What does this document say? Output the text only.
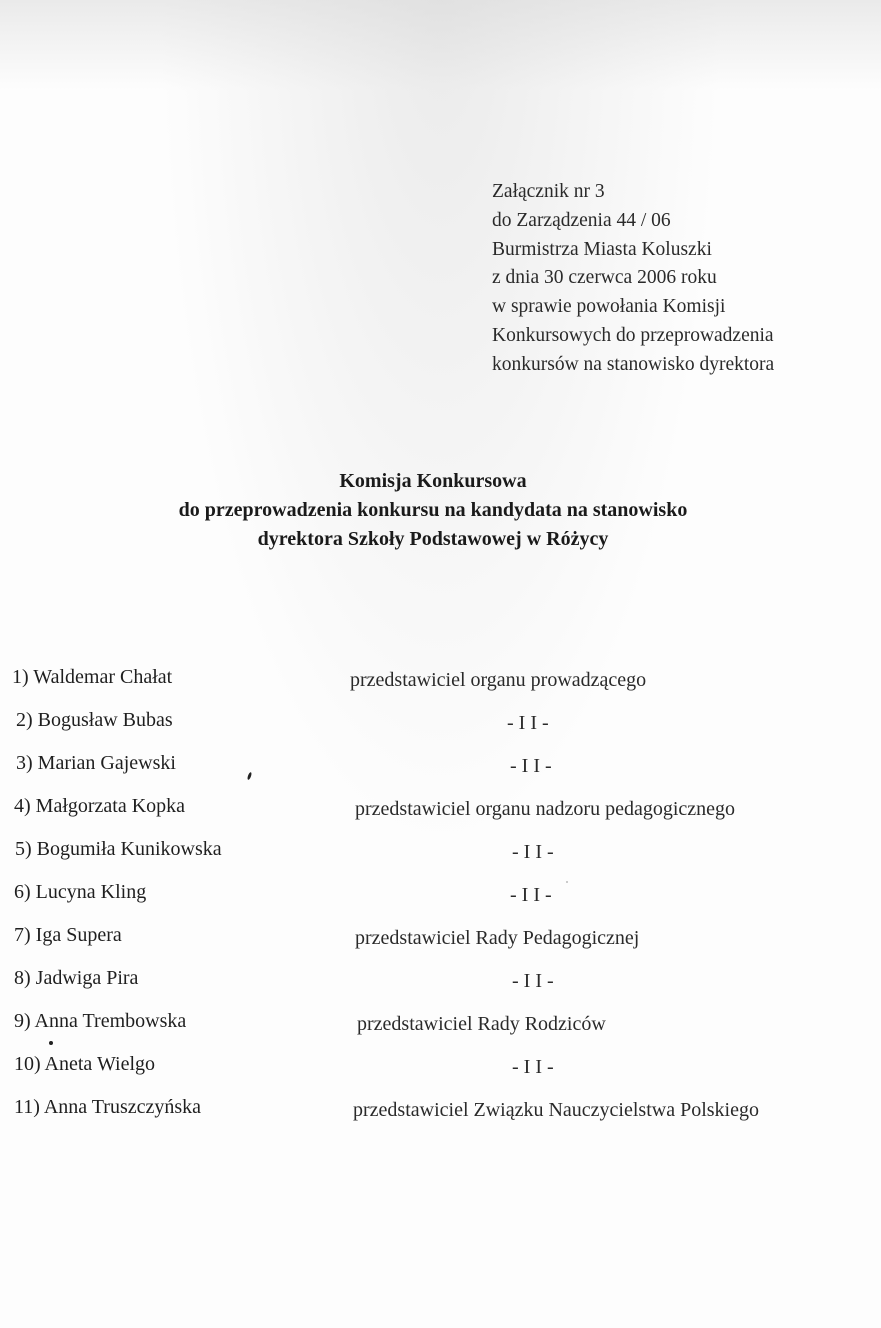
Załącznik nr 3
do Zarządzenia 44 / 06
Burmistrza Miasta Koluszki
z dnia 30 czerwca 2006 roku
w sprawie powołania Komisji
Konkursowych do przeprowadzenia
konkursów na stanowisko dyrektora
Komisja Konkursowa
do przeprowadzenia konkursu na kandydata na stanowisko
dyrektora Szkoły Podstawowej w Różycy
1) Waldemar Chałat	przedstawiciel organu prowadzącego
2) Bogusław Bubas	- I I -
3) Marian Gajewski	- I I -
4) Małgorzata Kopka	przedstawiciel organu nadzoru pedagogicznego
5) Bogumiła Kunikowska	- I I -
6) Lucyna Kling	- I I -
7) Iga Supera	przedstawiciel Rady Pedagogicznej
8) Jadwiga Pira	- I I -
9) Anna Trembowska	przedstawiciel Rady Rodziców
10) Aneta Wielgo	- I I -
11) Anna Truszczyńska	przedstawiciel Związku Nauczycielstwa Polskiego
